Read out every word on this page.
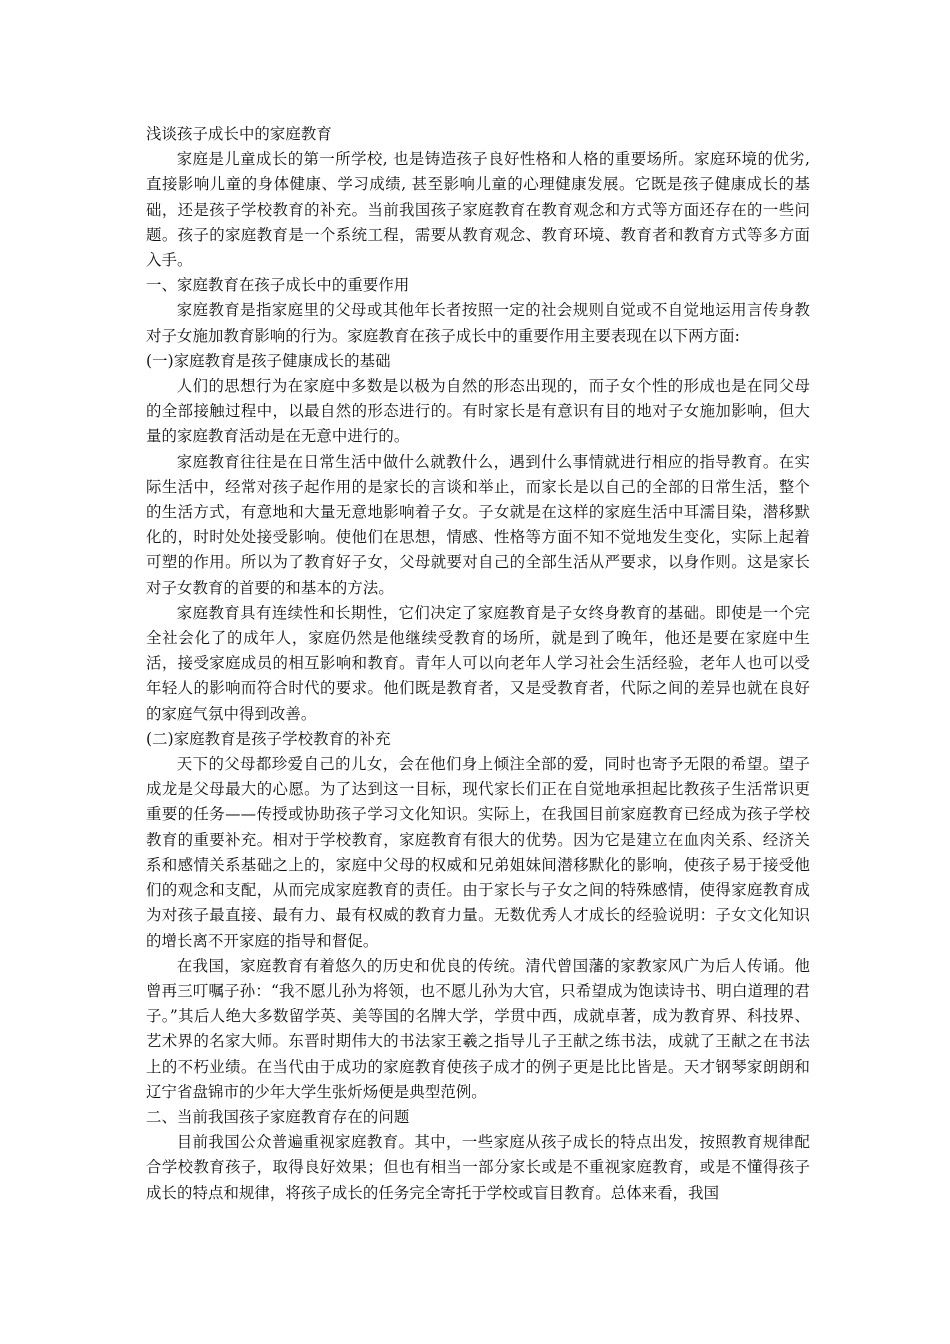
浅谈孩子成长中的家庭教育

家庭是儿童成长的第一所学校, 也是铸造孩子良好性格和人格的重要场所。家庭环境的优劣, 直接影响儿童的身体健康、学习成绩, 甚至影响儿童的心理健康发展。它既是孩子健康成长的基础，还是孩子学校教育的补充。当前我国孩子家庭教育在教育观念和方式等方面还存在的一些问题。孩子的家庭教育是一个系统工程，需要从教育观念、教育环境、教育者和教育方式等多方面入手。

一、家庭教育在孩子成长中的重要作用

家庭教育是指家庭里的父母或其他年长者按照一定的社会规则自觉或不自觉地运用言传身教对子女施加教育影响的行为。家庭教育在孩子成长中的重要作用主要表现在以下两方面:

(一)家庭教育是孩子健康成长的基础

人们的思想行为在家庭中多数是以极为自然的形态出现的，而子女个性的形成也是在同父母的全部接触过程中，以最自然的形态进行的。有时家长是有意识有目的地对子女施加影响，但大量的家庭教育活动是在无意中进行的。

家庭教育往往是在日常生活中做什么就教什么，遇到什么事情就进行相应的指导教育。在实际生活中，经常对孩子起作用的是家长的言谈和举止，而家长是以自己的全部的日常生活，整个的生活方式，有意地和大量无意地影响着子女。子女就是在这样的家庭生活中耳濡目染，潜移默化的，时时处处接受影响。使他们在思想，情感、性格等方面不知不觉地发生变化，实际上起着可塑的作用。所以为了教育好子女，父母就要对自己的全部生活从严要求，以身作则。这是家长对子女教育的首要的和基本的方法。

家庭教育具有连续性和长期性，它们决定了家庭教育是子女终身教育的基础。即使是一个完全社会化了的成年人，家庭仍然是他继续受教育的场所，就是到了晚年，他还是要在家庭中生活，接受家庭成员的相互影响和教育。青年人可以向老年人学习社会生活经验，老年人也可以受年轻人的影响而符合时代的要求。他们既是教育者，又是受教育者，代际之间的差异也就在良好的家庭气氛中得到改善。

(二)家庭教育是孩子学校教育的补充

天下的父母都珍爱自己的儿女，会在他们身上倾注全部的爱，同时也寄予无限的希望。望子成龙是父母最大的心愿。为了达到这一目标，现代家长们正在自觉地承担起比教孩子生活常识更重要的任务——传授或协助孩子学习文化知识。实际上，在我国目前家庭教育已经成为孩子学校教育的重要补充。相对于学校教育，家庭教育有很大的优势。因为它是建立在血肉关系、经济关系和感情关系基础之上的，家庭中父母的权威和兄弟姐妹间潜移默化的影响，使孩子易于接受他们的观念和支配，从而完成家庭教育的责任。由于家长与子女之间的特殊感情，使得家庭教育成为对孩子最直接、最有力、最有权威的教育力量。无数优秀人才成长的经验说明：子女文化知识的增长离不开家庭的指导和督促。

在我国，家庭教育有着悠久的历史和优良的传统。清代曾国藩的家教家风广为后人传诵。他曾再三叮嘱子孙：“我不愿儿孙为将领，也不愿儿孙为大官，只希望成为饱读诗书、明白道理的君子。”其后人绝大多数留学英、美等国的名牌大学，学贯中西，成就卓著，成为教育界、科技界、艺术界的名家大师。东晋时期伟大的书法家王羲之指导儿子王献之练书法，成就了王献之在书法上的不朽业绩。在当代由于成功的家庭教育使孩子成才的例子更是比比皆是。天才钢琴家朗朗和辽宁省盘锦市的少年大学生张炘炀便是典型范例。

二、当前我国孩子家庭教育存在的问题

目前我国公众普遍重视家庭教育。其中，一些家庭从孩子成长的特点出发，按照教育规律配合学校教育孩子，取得良好效果；但也有相当一部分家长或是不重视家庭教育，或是不懂得孩子成长的特点和规律，将孩子成长的任务完全寄托于学校或盲目教育。总体来看，我国
